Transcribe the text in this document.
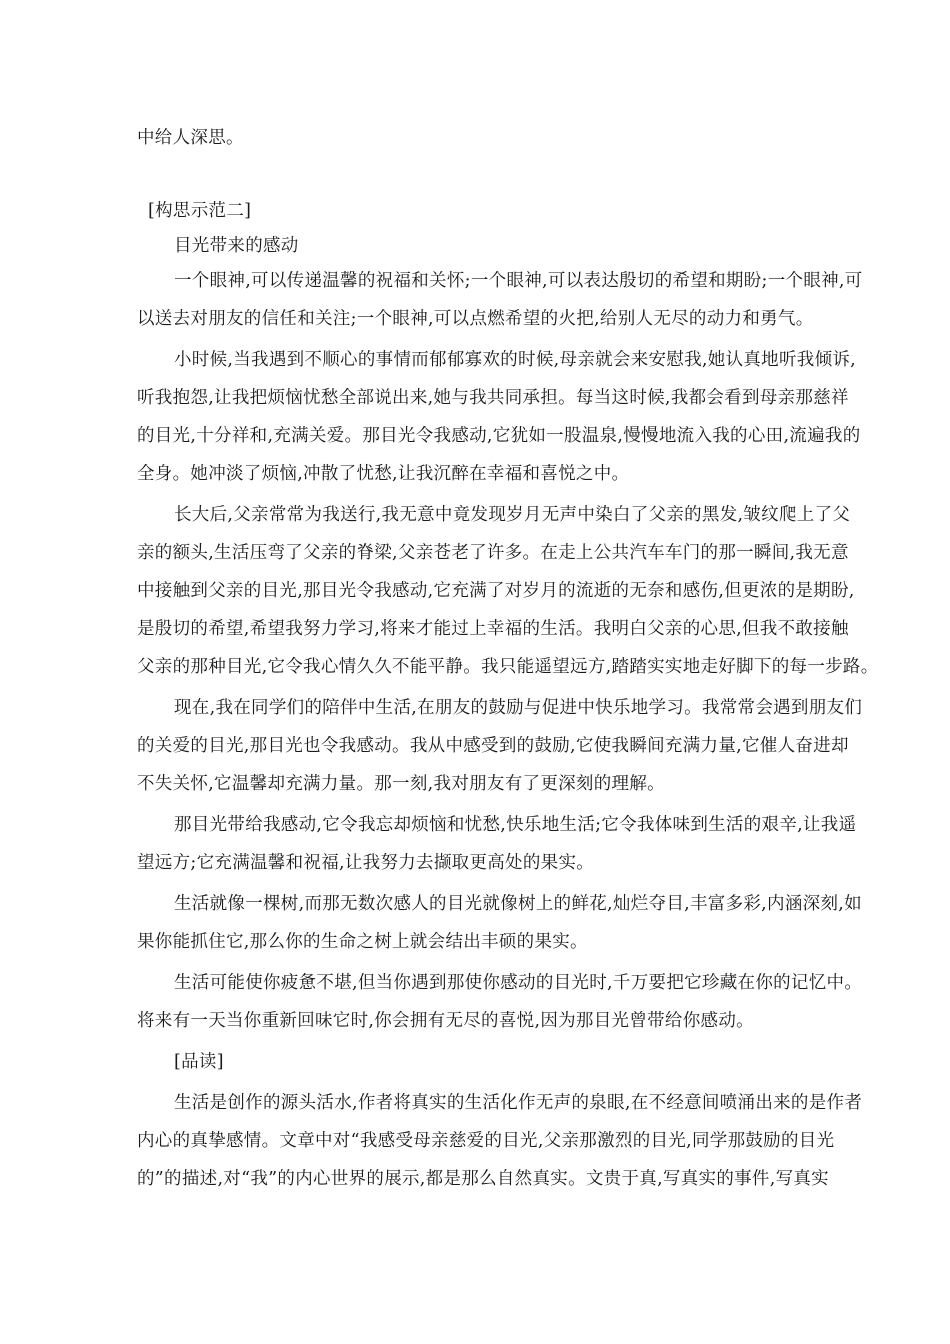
中给人深思。
[构思示范二]
目光带来的感动
一个眼神,可以传递温馨的祝福和关怀;一个眼神,可以表达殷切的希望和期盼;一个眼神,可
以送去对朋友的信任和关注;一个眼神,可以点燃希望的火把,给别人无尽的动力和勇气。
小时候,当我遇到不顺心的事情而郁郁寡欢的时候,母亲就会来安慰我,她认真地听我倾诉,
听我抱怨,让我把烦恼忧愁全部说出来,她与我共同承担。每当这时候,我都会看到母亲那慈祥
的目光,十分祥和,充满关爱。那目光令我感动,它犹如一股温泉,慢慢地流入我的心田,流遍我的
全身。她冲淡了烦恼,冲散了忧愁,让我沉醉在幸福和喜悦之中。
长大后,父亲常常为我送行,我无意中竟发现岁月无声中染白了父亲的黑发,皱纹爬上了父
亲的额头,生活压弯了父亲的脊梁,父亲苍老了许多。在走上公共汽车车门的那一瞬间,我无意
中接触到父亲的目光,那目光令我感动,它充满了对岁月的流逝的无奈和感伤,但更浓的是期盼,
是殷切的希望,希望我努力学习,将来才能过上幸福的生活。我明白父亲的心思,但我不敢接触
父亲的那种目光,它令我心情久久不能平静。我只能遥望远方,踏踏实实地走好脚下的每一步路。
现在,我在同学们的陪伴中生活,在朋友的鼓励与促进中快乐地学习。我常常会遇到朋友们
的关爱的目光,那目光也令我感动。我从中感受到的鼓励,它使我瞬间充满力量,它催人奋进却
不失关怀,它温馨却充满力量。那一刻,我对朋友有了更深刻的理解。
那目光带给我感动,它令我忘却烦恼和忧愁,快乐地生活;它令我体味到生活的艰辛,让我遥
望远方;它充满温馨和祝福,让我努力去撷取更高处的果实。
生活就像一棵树,而那无数次感人的目光就像树上的鲜花,灿烂夺目,丰富多彩,内涵深刻,如
果你能抓住它,那么你的生命之树上就会结出丰硕的果实。
生活可能使你疲惫不堪,但当你遇到那使你感动的目光时,千万要把它珍藏在你的记忆中。
将来有一天当你重新回味它时,你会拥有无尽的喜悦,因为那目光曾带给你感动。
[品读]
生活是创作的源头活水,作者将真实的生活化作无声的泉眼,在不经意间喷涌出来的是作者
内心的真挚感情。文章中对“我感受母亲慈爱的目光,父亲那激烈的目光,同学那鼓励的目光
的”的描述,对“我”的内心世界的展示,都是那么自然真实。文贵于真,写真实的事件,写真实
